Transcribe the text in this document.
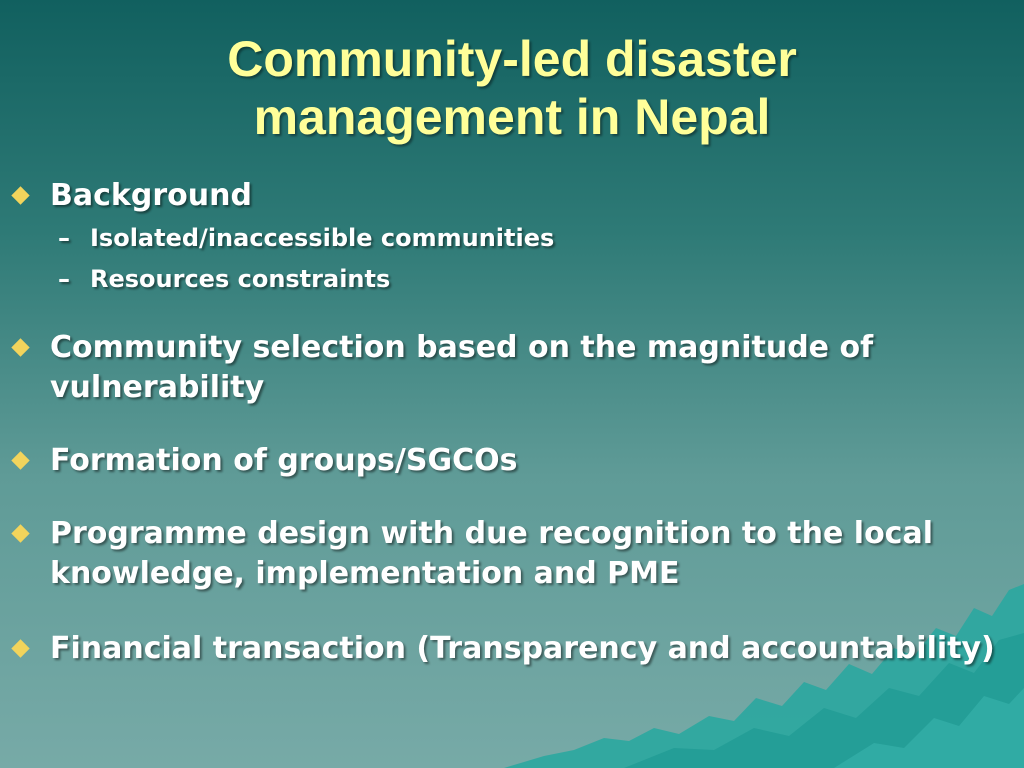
Community-led disaster
management in Nepal
Background
– Isolated/inaccessible communities
– Resources constraints
Community selection based on the magnitude of vulnerability
Formation of groups/SGCOs
Programme design with due recognition to the local knowledge, implementation and PME
Financial transaction (Transparency and accountability)
